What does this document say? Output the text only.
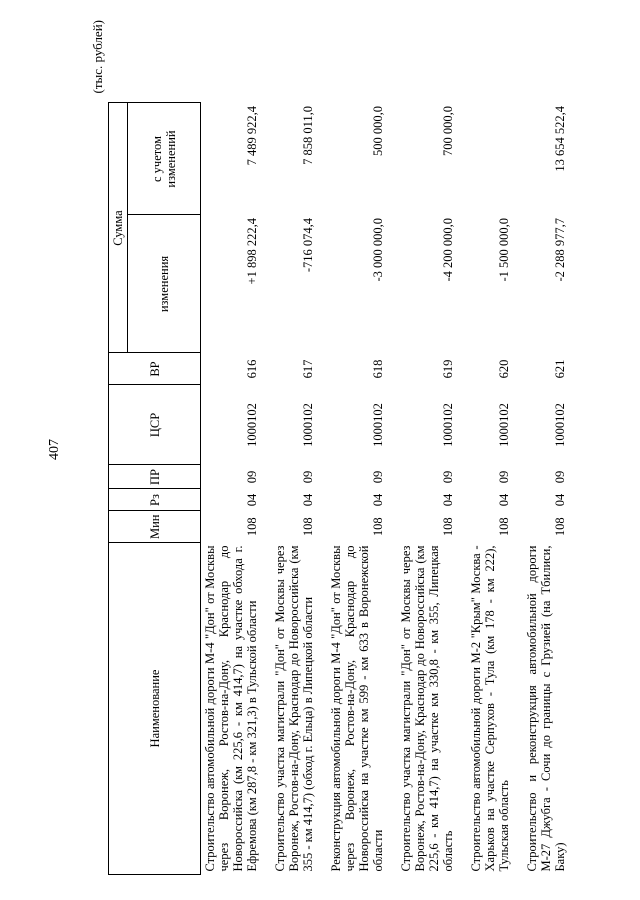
407
(тыс. рублей)
Наименование	Мин	Рз	ПР	ЦСР	ВР	Сумма	
						изменения	с учетом изменений
Строительство автомобильной дороги М-4 "Дон" от Москвы через Воронеж, Ростов-на-Дону, Краснодар до Новороссийска (км 225,6 - км 414,7) на участке обхода г. Ефремова (км 287,8 - км 321,3) в Тульской области	108	04	09	1000102	616	+1 898 222,4	7 489 922,4

Строительство участка магистрали "Дон" от Москвы через Воронеж, Ростов-на-Дону, Краснодар до Новороссийска (км 355 - км 414,7) (обход г. Ельца) в Липецкой области	108	04	09	1000102	617	-716 074,4	7 858 011,0

Реконструкция автомобильной дороги М-4 "Дон" от Москвы через Воронеж, Ростов-на-Дону, Краснодар до Новороссийска на участке км 599 - км 633 в Воронежской области	108	04	09	1000102	618	-3 000 000,0	500 000,0

Строительство участка магистрали "Дон" от Москвы через Воронеж, Ростов-на-Дону, Краснодар до Новороссийска (км 225,6 - км 414,7) на участке км 330,8 - км 355, Липецкая область	108	04	09	1000102	619	-4 200 000,0	700 000,0

Строительство автомобильной дороги М-2 "Крым" Москва - Харьков на участке Серпухов - Тула (км 178 - км 222), Тульская область	108	04	09	1000102	620	-1 500 000,0	

Строительство и реконструкция автомобильной дороги М-27 Джубга - Сочи до границы с Грузией (на Тбилиси, Баку)	108	04	09	1000102	621	-2 288 977,7	13 654 522,4
